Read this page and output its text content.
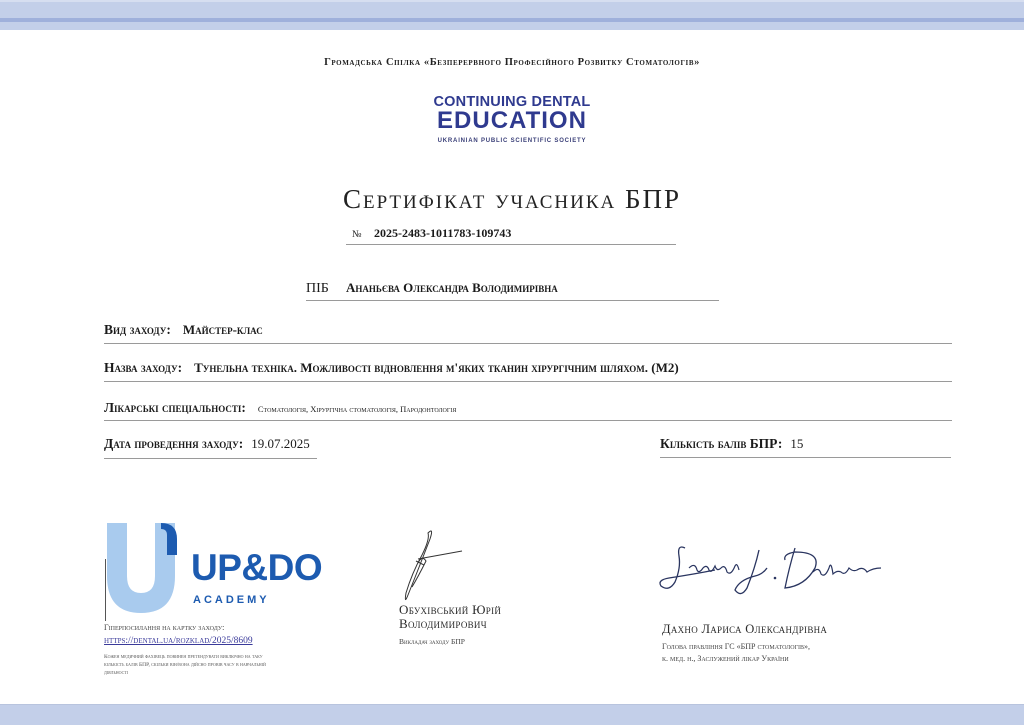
Громадська Спілка «Безперервного Професійного Розвитку Стоматологів»
CONTINUING DENTAL
EDUCATION
UKRAINIAN PUBLIC SCIENTIFIC SOCIETY
Сертифікат учасника БПР
№ 2025-2483-1011783-109743
ПІБ Ананьєва Олександра Володимирівна
Вид заходу: Майстер-клас
Назва заходу: Тунельна техніка. Можливості відновлення м'яких тканин хірургічним шляхом. (M2)
Лікарські спеціальності: Стоматологія, Хірургічна стоматологія, Пародонтологія
Дата проведення заходу: 19.07.2025	Кількість балів БПР: 15
UP&DO
ACADEMY
Гіперпосилання на картку заходу:
https://dental.ua/rozklad/2025/8609
Кожен медичний фахівець повинен претендувати виключно на таку кількість балів БПР, скільки він/вона дійсно провів часу в навчальній діяльності
Обухівський Юрій
Володимирович
Викладач заходу БПР
Дахно Лариса Олександрівна
Голова правління ГС «БПР стоматологів»,
к. мед. н., Заслужений лікар України
